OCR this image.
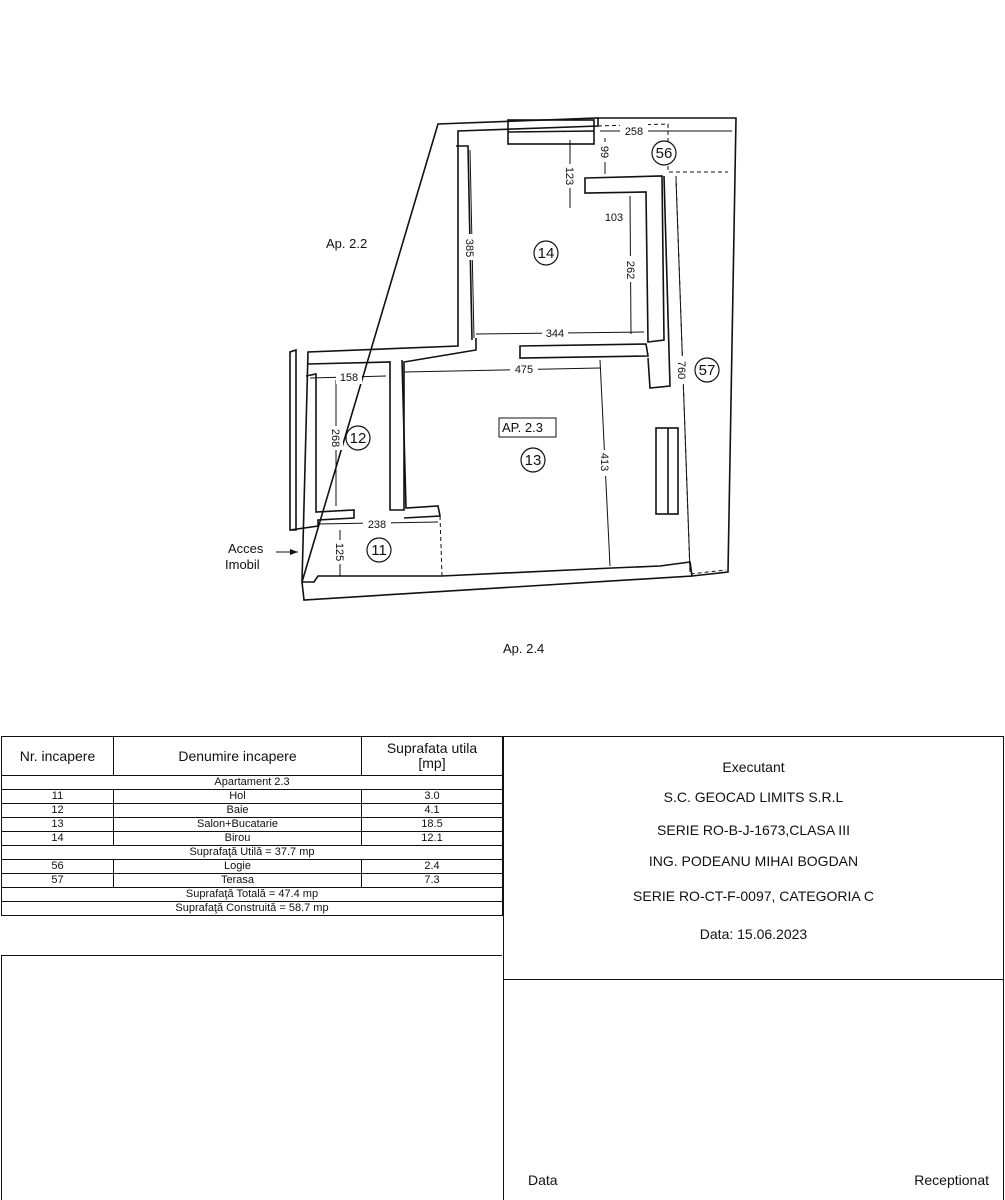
Ap. 2.2
Ap. 2.4
Acces
Imobil
AP. 2.3
14
56
12
13
11
57
258
99
123
103
385
262
344
475
158
268
413
760
238
125
Nr. incapere	Denumire incapere	Suprafata utila
[mp]
Apartament 2.3		
11	Hol	3.0
12	Baie	4.1
13	Salon+Bucatarie	18.5
14	Birou	12.1
Suprafaţă Utilă = 37.7 mp		
56	Logie	2.4
57	Terasa	7.3
Suprafaţă Totală = 47.4 mp		
Suprafaţă Construită = 58.7 mp		
Executant
S.C. GEOCAD LIMITS S.R.L
SERIE RO-B-J-1673,CLASA III
ING. PODEANU MIHAI BOGDAN
SERIE RO-CT-F-0097, CATEGORIA C
Data: 15.06.2023
Data	Receptionat
